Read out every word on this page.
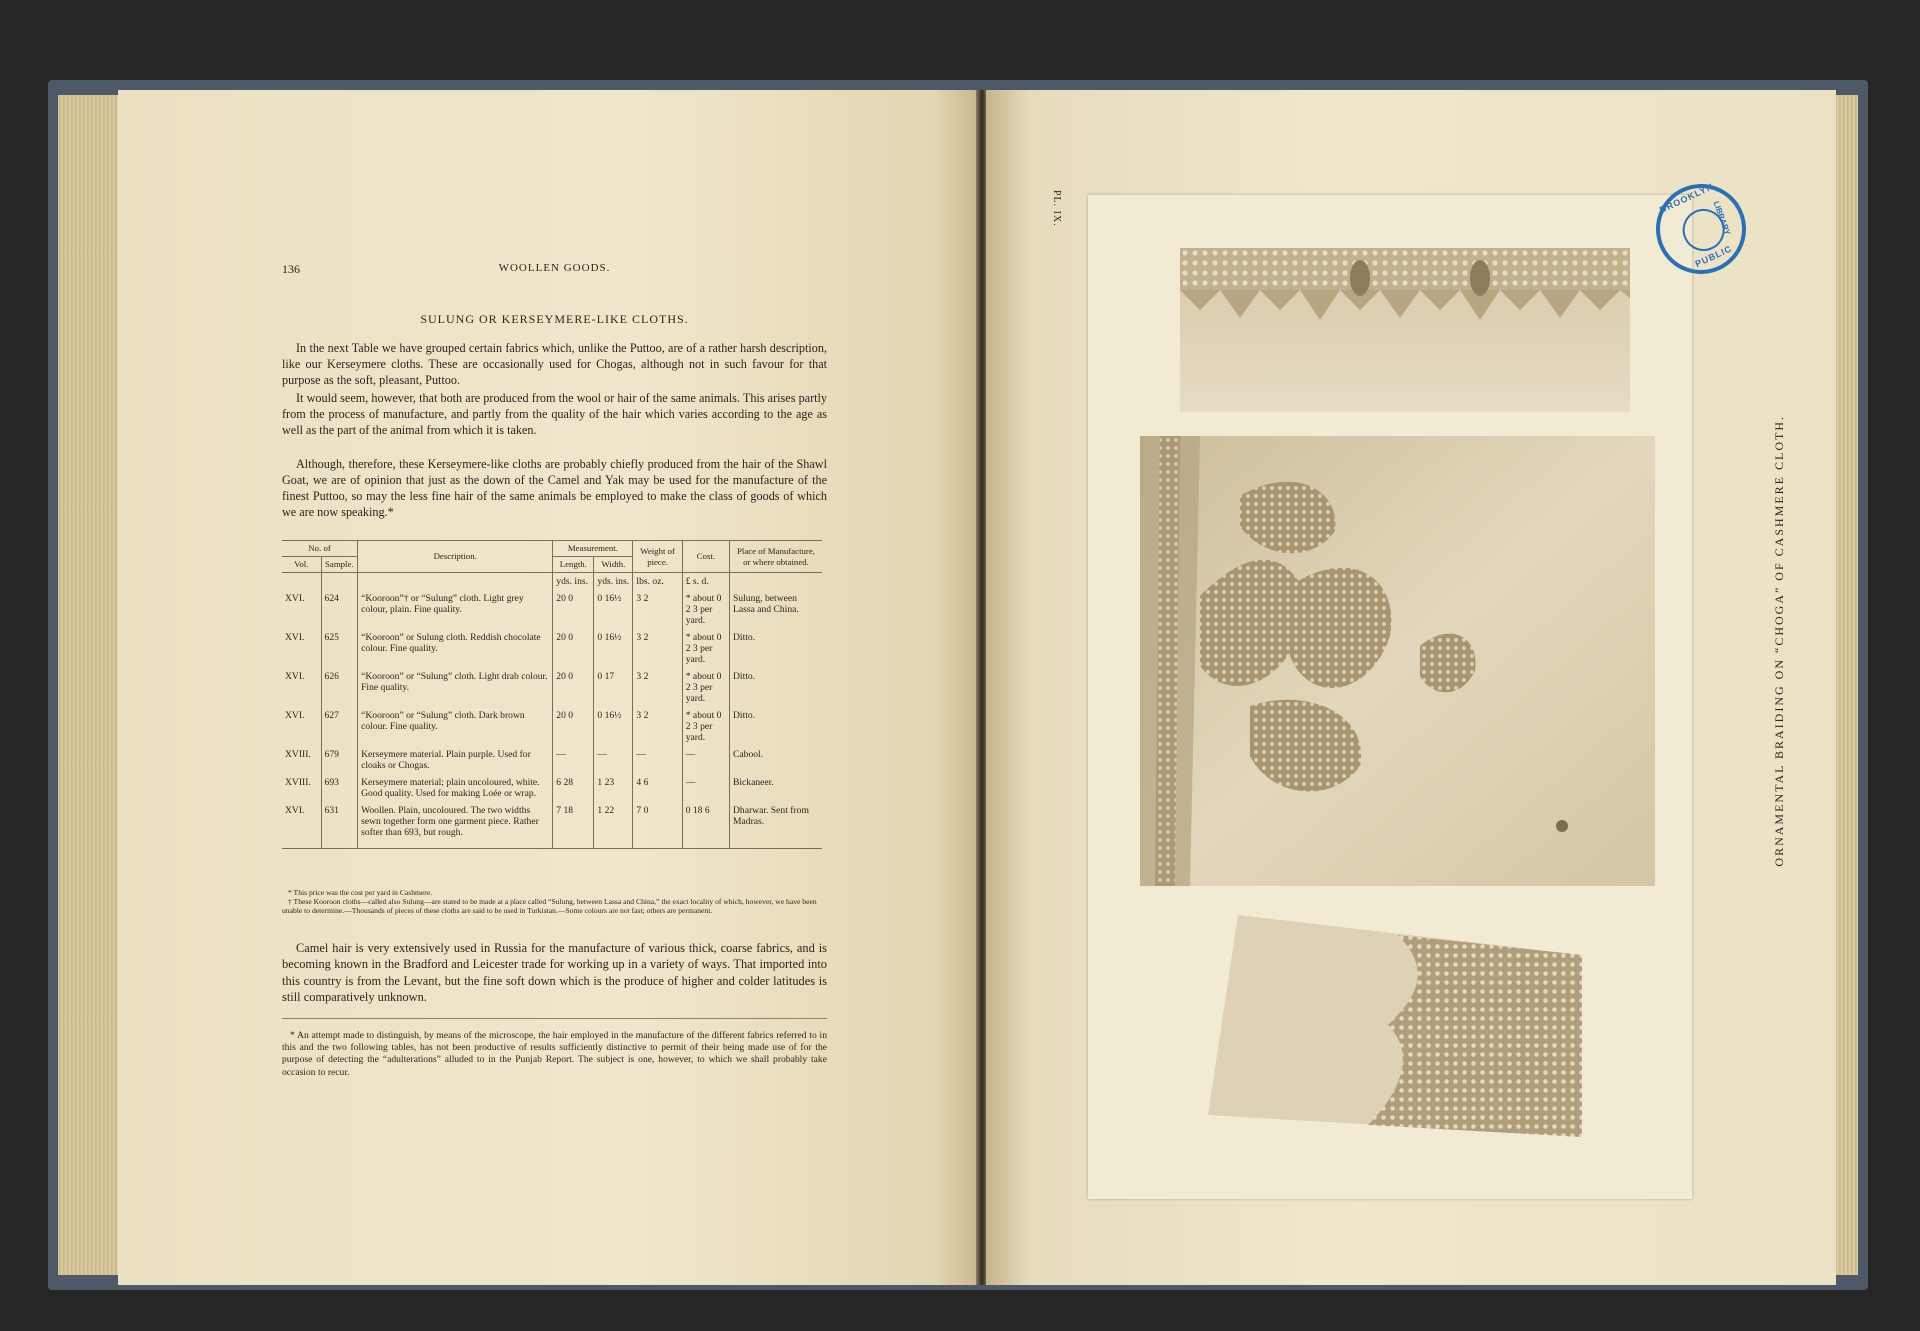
136	WOOLLEN GOODS.
SULUNG OR KERSEYMERE-LIKE CLOTHS.

In the next Table we have grouped certain fabrics which, unlike the Puttoo, are of a rather harsh description, like our Kerseymere cloths. These are occasionally used for Chogas, although not in such favour for that purpose as the soft, pleasant, Puttoo.

It would seem, however, that both are produced from the wool or hair of the same animals. This arises partly from the process of manufacture, and partly from the quality of the hair which varies according to the age as well as the part of the animal from which it is taken.

Although, therefore, these Kerseymere-like cloths are probably chiefly produced from the hair of the Shawl Goat, we are of opinion that just as the down of the Camel and Yak may be used for the manufacture of the finest Puttoo, so may the less fine hair of the same animals be employed to make the class of goods of which we are now speaking.*

No. of		Description.	Measurement.		Weight of piece.	Cost.	Place of Manufacture, or where obtained.
Vol.	Sample.		Length.	Width.			
			yds. ins.	yds. ins.	lbs. oz.	£ s. d.	
XVI.	624	“Kooroon”† or “Sulung” cloth. Light grey colour, plain. Fine quality.	20 0	0 16½	3 2	* about 0 2 3 per yard.	Sulung, between Lassa and China.
XVI.	625	“Kooroon” or Sulung cloth. Reddish chocolate colour. Fine quality.	20 0	0 16½	3 2	* about 0 2 3 per yard.	Ditto.
XVI.	626	“Kooroon” or “Sulung” cloth. Light drab colour. Fine quality.	20 0	0 17	3 2	* about 0 2 3 per yard.	Ditto.
XVI.	627	“Kooroon” or “Sulung” cloth. Dark brown colour. Fine quality.	20 0	0 16½	3 2	* about 0 2 3 per yard.	Ditto.
XVIII.	679	Kerseymere material. Plain purple. Used for cloaks or Chogas.	—	—	—	—	Cabool.
XVIII.	693	Kerseymere material; plain uncoloured, white. Good quality. Used for making Loée or wrap.	6 28	1 23	4 6	—	Bickaneer.
XVI.	631	Woollen. Plain, uncoloured. The two widths sewn together form one garment piece. Rather softer than 693, but rough.	7 18	1 22	7 0	0 18 6	Dharwar. Sent from Madras.

* This price was the cost per yard in Cashmere.

† These Kooroon cloths—called also Sulung—are stated to be made at a place called “Sulung, between Lassa and China,” the exact locality of which, however, we have been unable to determine.—Thousands of pieces of these cloths are said to be used in Turkistan.—Some colours are not fast; others are permanent.

Camel hair is very extensively used in Russia for the manufacture of various thick, coarse fabrics, and is becoming known in the Bradford and Leicester trade for working up in a variety of ways. That imported into this country is from the Levant, but the fine soft down which is the produce of higher and colder latitudes is still comparatively unknown.

* An attempt made to distinguish, by means of the microscope, the hair employed in the manufacture of the different fabrics referred to in this and the two following tables, has not been productive of results sufficiently distinctive to permit of their being made use of for the purpose of detecting the “adulterations” alluded to in the Punjab Report. The subject is one, however, to which we shall probably take occasion to recur.

PL. IX.	BROOKLYN
PUBLIC
LIBRARY
ORNAMENTAL BRAIDING ON “CHOGA” OF CASHMERE CLOTH.
